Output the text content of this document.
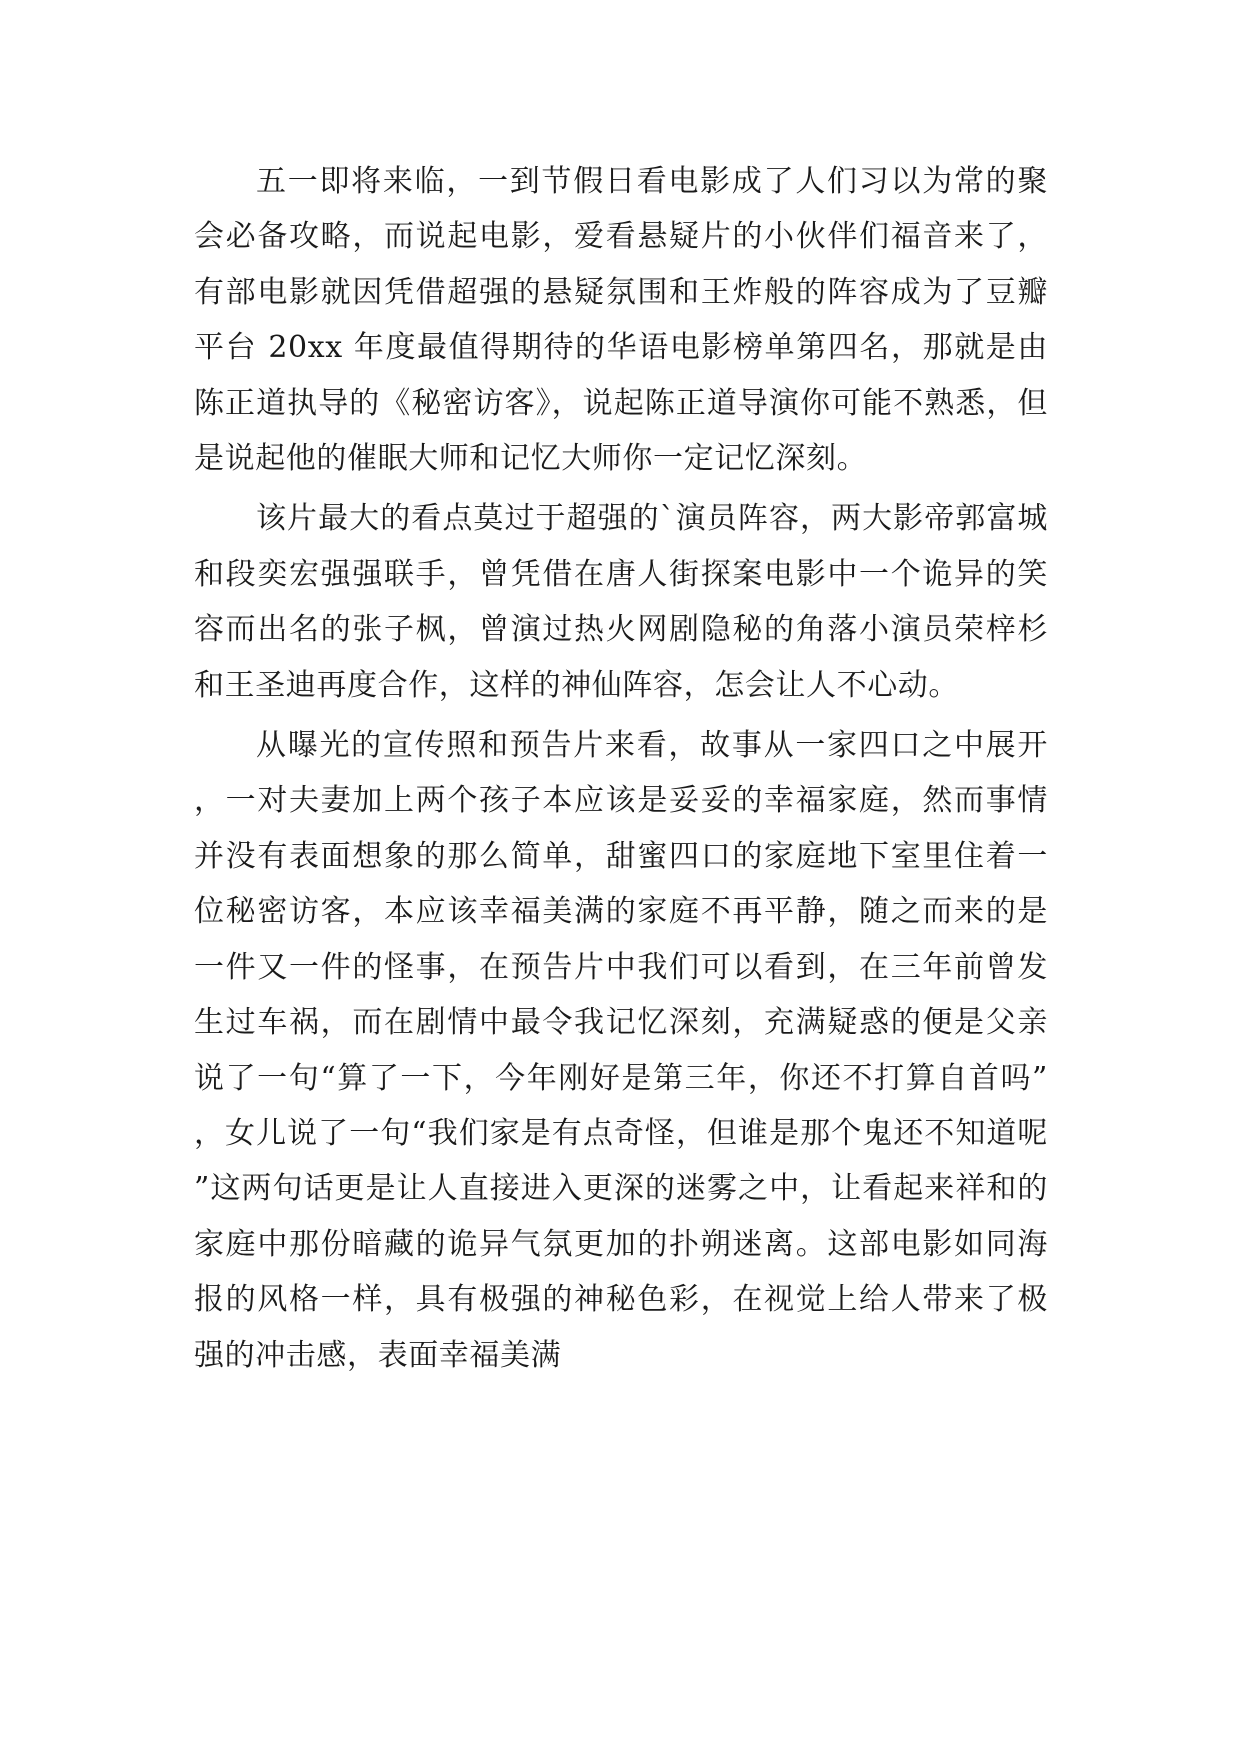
五一即将来临，一到节假日看电影成了人们习以为常的聚会必备攻略，而说起电影，爱看悬疑片的小伙伴们福音来了，有部电影就因凭借超强的悬疑氛围和王炸般的阵容成为了豆瓣平台 20xx 年度最值得期待的华语电影榜单第四名，那就是由陈正道执导的《秘密访客》，说起陈正道导演你可能不熟悉，但是说起他的催眠大师和记忆大师你一定记忆深刻。

该片最大的看点莫过于超强的`演员阵容，两大影帝郭富城和段奕宏强强联手，曾凭借在唐人街探案电影中一个诡异的笑容而出名的张子枫，曾演过热火网剧隐秘的角落小演员荣梓杉和王圣迪再度合作，这样的神仙阵容，怎会让人不心动。

从曝光的宣传照和预告片来看，故事从一家四口之中展开，一对夫妻加上两个孩子本应该是妥妥的幸福家庭，然而事情并没有表面想象的那么简单，甜蜜四口的家庭地下室里住着一位秘密访客，本应该幸福美满的家庭不再平静，随之而来的是一件又一件的怪事，在预告片中我们可以看到，在三年前曾发生过车祸，而在剧情中最令我记忆深刻，充满疑惑的便是父亲说了一句“算了一下，今年刚好是第三年，你还不打算自首吗”，女儿说了一句“我们家是有点奇怪，但谁是那个鬼还不知道呢”这两句话更是让人直接进入更深的迷雾之中，让看起来祥和的家庭中那份暗藏的诡异气氛更加的扑朔迷离。这部电影如同海报的风格一样，具有极强的神秘色彩，在视觉上给人带来了极强的冲击感，表面幸福美满
